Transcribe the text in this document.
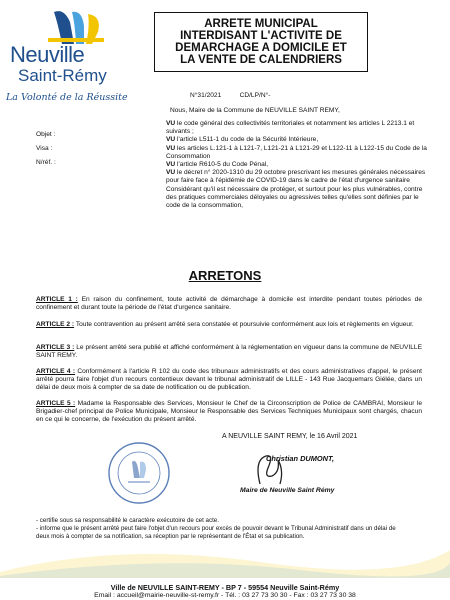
Neuville
Saint-Rémy
La Volonté de la Réussite
ARRETE MUNICIPAL
INTERDISANT L'ACTIVITE DE
DEMARCHAGE A DOMICILE ET
LA VENTE DE CALENDRIERS
N°31/2021	CD/LP/N°-
Objet :
Visa :
N/réf. :
Nous, Maire de la Commune de NEUVILLE SAINT REMY,
VU le code général des collectivités territoriales et notamment les articles L 2213.1 et suivants ;
VU l'article L511-1 du code de la Sécurité Intérieure,
VU les articles L.121-1 à L121-7, L121-21 à L121-29 et L122-11 à L122-15 du Code de la Consommation
VU l'article R610-5 du Code Pénal,
VU le décret n° 2020-1310 du 29 octobre prescrivant les mesures générales nécessaires pour faire face à l'épidémie de COVID-19 dans le cadre de l'état d'urgence sanitaire
Considérant qu'il est nécessaire de protéger, et surtout pour les plus vulnérables, contre des pratiques commerciales déloyales ou agressives telles qu'elles sont définies par le code de la consommation,
ARRETONS
ARTICLE 1 : En raison du confinement, toute activité de démarchage à domicile est interdite pendant toutes périodes de confinement et durant toute la période de l'état d'urgence sanitaire.
ARTICLE 2 : Toute contravention au présent arrêté sera constatée et poursuivie conformément aux lois et règlements en vigueur.
ARTICLE 3 : Le présent arrêté sera publié et affiché conformément à la réglementation en vigueur dans la commune de NEUVILLE SAINT REMY.
ARTICLE 4 : Conformément à l'article R 102 du code des tribunaux administratifs et des cours administratives d'appel, le présent arrêté pourra faire l'objet d'un recours contentieux devant le tribunal administratif de LILLE - 143 Rue Jacquemars Giélée, dans un délai de deux mois à compter de sa date de notification ou de publication.
ARTICLE 5 : Madame la Responsable des Services, Monsieur le Chef de la Circonscription de Police de CAMBRAI, Monsieur le Brigadier-chef principal de Police Municipale, Monsieur le Responsable des Services Techniques Municipaux sont chargés, chacun en ce qui le concerne, de l'exécution du présent arrêté.
A NEUVILLE SAINT REMY, le 16 Avril 2021
Christian DUMONT,
Maire de Neuville Saint Rémy
- certifie sous sa responsabilité le caractère exécutoire de cet acte.
- informe que le présent arrêté peut faire l'objet d'un recours pour excès de pouvoir devant le Tribunal Administratif dans un délai de deux mois à compter de sa notification, sa réception par le représentant de l'État et sa publication.
Ville de NEUVILLE SAINT-REMY - BP 7 - 59554 Neuville Saint-Rémy
Email : accueil@mairie-neuville-st-remy.fr - Tél. : 03 27 73 30 30 - Fax : 03 27 73 30 38
